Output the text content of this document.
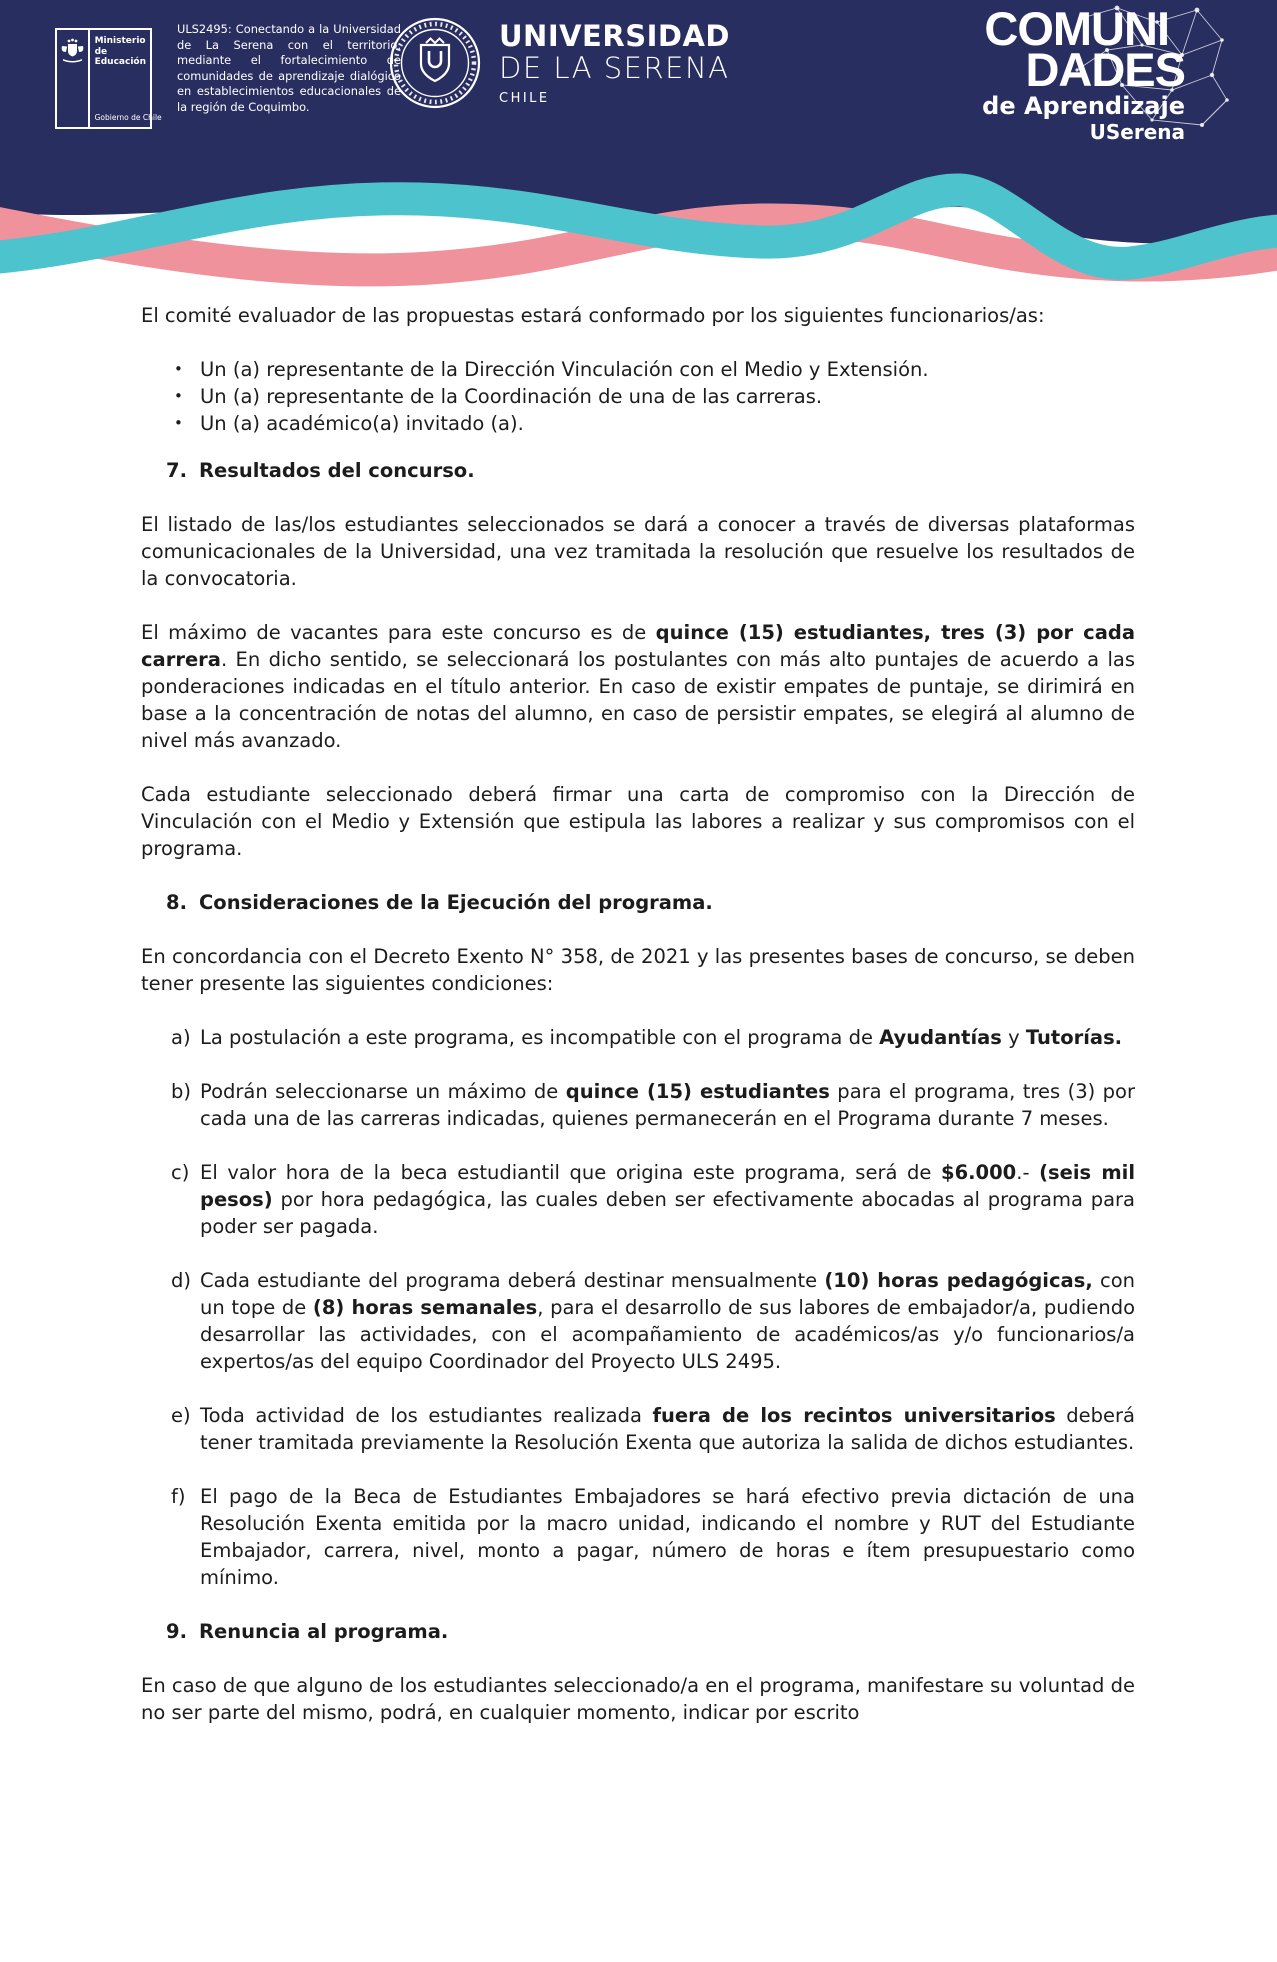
Ministerio de Educación
Gobierno de Chile
ULS2495: Conectando a la Universidad de La Serena con el territorio, mediante el fortalecimiento de comunidades de aprendizaje dialógico en establecimientos educacionales de la región de Coquimbo.
UNIVERSIDAD
DE LA SERENA
CHILE
COMUNI
DADES
de Aprendizaje
USerena

El comité evaluador de las propuestas estará conformado por los siguientes funcionarios/as:

• Un (a) representante de la Dirección Vinculación con el Medio y Extensión.
• Un (a) representante de la Coordinación de una de las carreras.
• Un (a) académico(a) invitado (a).
7. Resultados del concurso.

El listado de las/los estudiantes seleccionados se dará a conocer a través de diversas plataformas comunicacionales de la Universidad, una vez tramitada la resolución que resuelve los resultados de la convocatoria.

El máximo de vacantes para este concurso es de quince (15) estudiantes, tres (3) por cada carrera. En dicho sentido, se seleccionará los postulantes con más alto puntajes de acuerdo a las ponderaciones indicadas en el título anterior. En caso de existir empates de puntaje, se dirimirá en base a la concentración de notas del alumno, en caso de persistir empates, se elegirá al alumno de nivel más avanzado.

Cada estudiante seleccionado deberá firmar una carta de compromiso con la Dirección de Vinculación con el Medio y Extensión que estipula las labores a realizar y sus compromisos con el programa.

8. Consideraciones de la Ejecución del programa.

En concordancia con el Decreto Exento N° 358, de 2021 y las presentes bases de concurso, se deben tener presente las siguientes condiciones:

a) La postulación a este programa, es incompatible con el programa de Ayudantías y Tutorías.
b) Podrán seleccionarse un máximo de quince (15) estudiantes para el programa, tres (3) por cada una de las carreras indicadas, quienes permanecerán en el Programa durante 7 meses.
c) El valor hora de la beca estudiantil que origina este programa, será de $6.000.- (seis mil pesos) por hora pedagógica, las cuales deben ser efectivamente abocadas al programa para poder ser pagada.
d) Cada estudiante del programa deberá destinar mensualmente (10) horas pedagógicas, con un tope de (8) horas semanales, para el desarrollo de sus labores de embajador/a, pudiendo desarrollar las actividades, con el acompañamiento de académicos/as y/o funcionarios/a expertos/as del equipo Coordinador del Proyecto ULS 2495.
e) Toda actividad de los estudiantes realizada fuera de los recintos universitarios deberá tener tramitada previamente la Resolución Exenta que autoriza la salida de dichos estudiantes.
f) El pago de la Beca de Estudiantes Embajadores se hará efectivo previa dictación de una Resolución Exenta emitida por la macro unidad, indicando el nombre y RUT del Estudiante Embajador, carrera, nivel, monto a pagar, número de horas e ítem presupuestario como mínimo.
9. Renuncia al programa.

En caso de que alguno de los estudiantes seleccionado/a en el programa, manifestare su voluntad de no ser parte del mismo, podrá, en cualquier momento, indicar por escrito
